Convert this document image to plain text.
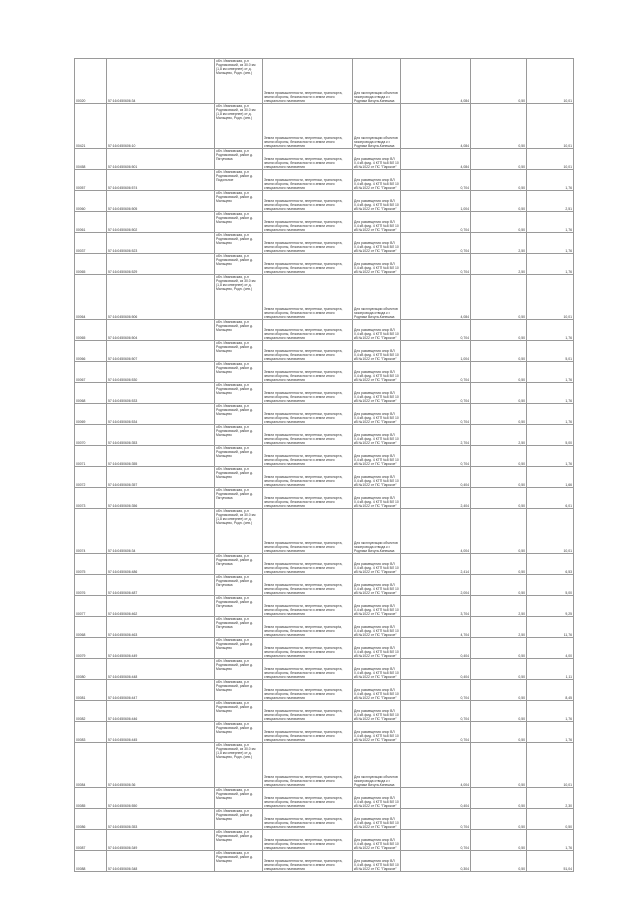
00020	57:16:0450606:34	обл. Ивановская, р-н Родниковский, из 30.0 км (1,8 км севернее) от д. Мальцево, Родн. (сев.)	Земли промышленности, энергетики, транспорта, земли обороны, безопасности и земли иного специального назначения	Для эксплуатации объектов газопровода отвода к г. Родники Вичуга-Кинешма	4,084	0,50	10,01
00421	57:16:0450606:10	обл. Ивановская, р-н Родниковский, из 30.0 км (1,8 км севернее) от д. Мальцево, Родн. (сев.)	Земли промышленности, энергетики, транспорта, земли обороны, безопасности и земли иного специального назначения	Для эксплуатации объектов газопровода отвода к г. Родники Вичуга-Кинешма	4,084	0,50	10,01
00458	57:16:0450606:501	обл. Ивановская, р-н Родниковский, район д. Пятуновка	Земли промышленности, энергетики, транспорта, земли обороны, безопасности и земли иного специального назначения	Для размещения опор ВЛ 0,4 кВ фид. 4 КТП №8 ВЛ 10 кВ №1022 от ПС "Парское"	4,084	0,50	10,01
00057	57:16:0450606:574	обл. Ивановская, р-н Родниковский, район д. Подольное	Земли промышленности, энергетики, транспорта, земли обороны, безопасности и земли иного специального назначения	Для размещения опор ВЛ 0,4 кВ фид. 4 КТП №8 ВЛ 10 кВ №1022 от ПС "Парское"	0,704	0,50	1,76
00060	57:16:0450606:505	обл. Ивановская, р-н Родниковский, район д. Мальцево	Земли промышленности, энергетики, транспорта, земли обороны, безопасности и земли иного специального назначения	Для размещения опор ВЛ 0,4 кВ фид. 4 КТП №8 ВЛ 10 кВ №1022 от ПС "Парское"	1,004	0,50	2,51
00061	57:16:0450606:502	обл. Ивановская, р-н Родниковский, район д. Мальцево	Земли промышленности, энергетики, транспорта, земли обороны, безопасности и земли иного специального назначения	Для размещения опор ВЛ 0,4 кВ фид. 4 КТП №8 ВЛ 10 кВ №1022 от ПС "Парское"	0,704	0,50	1,76
00037	57:16:0450606:523	обл. Ивановская, р-н Родниковский, район д. Мальцево	Земли промышленности, энергетики, транспорта, земли обороны, безопасности и земли иного специального назначения	Для размещения опор ВЛ 0,4 кВ фид. 4 КТП №8 ВЛ 10 кВ №1022 от ПС "Парское"	0,704	2,50	1,76
00065	57:16:0450606:529	обл. Ивановская, р-н Родниковский, район д. Мальцево	Земли промышленности, энергетики, транспорта, земли обороны, безопасности и земли иного специального назначения	Для размещения опор ВЛ 0,4 кВ фид. 4 КТП №8 ВЛ 10 кВ №1022 от ПС "Парское"	0,704	2,50	1,76
00064	57:16:0450606:506	обл. Ивановская, р-н Родниковский, из 30.0 км (1,8 км севернее) от д. Мальцево, Родн. (сев.)	Земли промышленности, энергетики, транспорта, земли обороны, безопасности и земли иного специального назначения	Для эксплуатации объектов газопровода отвода к г. Родники Вичуга-Кинешма	4,084	0,50	10,01
00065	57:16:0450606:504	обл. Ивановская, р-н Родниковский, район д. Мальцево	Земли промышленности, энергетики, транспорта, земли обороны, безопасности и земли иного специального назначения	Для размещения опор ВЛ 0,4 кВ фид. 4 КТП №8 ВЛ 10 кВ №1022 от ПС "Парское"	0,704	0,50	1,76
00066	57:16:0450606:507	обл. Ивановская, р-н Родниковский, район д. Мальцево	Земли промышленности, энергетики, транспорта, земли обороны, безопасности и земли иного специального назначения	Для размещения опор ВЛ 0,4 кВ фид. 4 КТП №8 ВЛ 10 кВ №1022 от ПС "Парское"	1,004	0,50	5,01
00067	57:16:0450606:530	обл. Ивановская, р-н Родниковский, район д. Мальцево	Земли промышленности, энергетики, транспорта, земли обороны, безопасности и земли иного специального назначения	Для размещения опор ВЛ 0,4 кВ фид. 4 КТП №8 ВЛ 10 кВ №1022 от ПС "Парское"	0,704	0,50	1,76
00068	57:16:0450606:533	обл. Ивановская, р-н Родниковский, район д. Мальцево	Земли промышленности, энергетики, транспорта, земли обороны, безопасности и земли иного специального назначения	Для размещения опор ВЛ 0,4 кВ фид. 4 КТП №8 ВЛ 10 кВ №1022 от ПС "Парское"	0,704	0,50	1,76
00069	57:16:0450606:534	обл. Ивановская, р-н Родниковский, район д. Мальцево	Земли промышленности, энергетики, транспорта, земли обороны, безопасности и земли иного специального назначения	Для размещения опор ВЛ 0,4 кВ фид. 4 КТП №8 ВЛ 10 кВ №1022 от ПС "Парское"	0,704	0,50	1,76
00070	57:16:0450606:353	обл. Ивановская, р-н Родниковский, район д. Мальцево	Земли промышленности, энергетики, транспорта, земли обороны, безопасности и земли иного специального назначения	Для размещения опор ВЛ 0,4 кВ фид. 4 КТП №8 ВЛ 10 кВ №1022 от ПС "Парское"	2,704	2,50	5,00
00071	57:16:0450606:355	обл. Ивановская, р-н Родниковский, район д. Мальцево	Земли промышленности, энергетики, транспорта, земли обороны, безопасности и земли иного специального назначения	Для размещения опор ВЛ 0,4 кВ фид. 4 КТП №8 ВЛ 10 кВ №1022 от ПС "Парское"	0,704	0,50	1,76
00072	57:16:0450606:357	обл. Ивановская, р-н Родниковский, район д. Мальцево	Земли промышленности, энергетики, транспорта, земли обороны, безопасности и земли иного специального назначения	Для размещения опор ВЛ 0,4 кВ фид. 4 КТП №8 ВЛ 10 кВ №1022 от ПС "Парское"	0,404	0,50	1,66
00073	57:16:0450606:356	обл. Ивановская, р-н Родниковский, район д. Пятуновка	Земли промышленности, энергетики, транспорта, земли обороны, безопасности и земли иного специального назначения	Для размещения опор ВЛ 0,4 кВ фид. 4 КТП №8 ВЛ 10 кВ №1022 от ПС "Парское"	2,404	0,50	6,01
00074	57:16:0450606:34	обл. Ивановская, р-н Родниковский, из 30.0 км (1,8 км севернее) от д. Мальцево, Родн. (сев.)	Земли промышленности, энергетики, транспорта, земли обороны, безопасности и земли иного специального назначения	Для эксплуатации объектов газопровода отвода к г. Родники Вичуга-Кинешма	4,004	0,50	10,01
00075	57:16:0450606:486	обл. Ивановская, р-н Родниковский, район д. Пятуновка	Земли промышленности, энергетики, транспорта, земли обороны, безопасности и земли иного специального назначения	Для размещения опор ВЛ 0,4 кВ фид. 4 КТП №8 ВЛ 10 кВ №1022 от ПС "Парское"	2,414	0,50	6,53
00076	57:16:0450606:487	обл. Ивановская, р-н Родниковский, район д. Пятуновка	Земли промышленности, энергетики, транспорта, земли обороны, безопасности и земли иного специального назначения	Для размещения опор ВЛ 0,4 кВ фид. 4 КТП №8 ВЛ 10 кВ №1022 от ПС "Парское"	2,004	0,50	5,00
00077	57:16:0450606:462	обл. Ивановская, р-н Родниковский, район д. Пятуновка	Земли промышленности, энергетики, транспорта, земли обороны, безопасности и земли иного специального назначения	Для размещения опор ВЛ 0,4 кВ фид. 4 КТП №8 ВЛ 10 кВ №1022 от ПС "Парское"	3,704	2,50	9,25
00068	57:16:0450606:463	обл. Ивановская, р-н Родниковский, район д. Пятуновка	Земли промышленности, энергетики, транспорta, земли обороны, безопасности и земли иного специального назначения	Для размещения опор ВЛ 0,4 кВ фид. 4 КТП №8 ВЛ 10 кВ №1022 от ПС "Парское"	4,704	2,50	11,76
00079	57:16:0450606:449	обл. Ивановская, р-н Родниковский, район д. Мальцево	Земли промышленности, энергетики, транспорта, земли обороны, безопасности и земли иного специального назначения	Для размещения опор ВЛ 0,4 кВ фид. 4 КТП №8 ВЛ 10 кВ №1022 от ПС "Парское"	0,404	0,50	4,00
00080	57:16:0450606:448	обл. Ивановская, р-н Родниковский, район д. Мальцево	Земли промышленности, энергетики, транспорта, земли обороны, безопасности и земли иного специального назначения	Для размещения опор ВЛ 0,4 кВ фид. 4 КТП №8 ВЛ 10 кВ №1022 от ПС "Парское"	0,404	0,50	1,11
00081	57:16:0450606:447	обл. Ивановская, р-н Родниковский, район д. Мальцево	Земли промышленности, энергетики, транспорта, земли обороны, безопасности и земли иного специального назначения	Для размещения опор ВЛ 0,4 кВ фид. 4 КТП №8 ВЛ 10 кВ №1022 от ПС "Парское"	0,704	0,50	8,45
00082	57:16:0450606:446	обл. Ивановская, р-н Родниковский, район д. Мальцево	Земли промышленности, энергетики, транспорта, земли обороны, безопасности и земли иного специального назначения	Для размещения опор ВЛ 0,4 кВ фид. 4 КТП №8 ВЛ 10 кВ №1022 от ПС "Парское"	0,704	0,50	1,76
00083	57:16:0450606:445	обл. Ивановская, р-н Родниковский, район д. Мальцево	Земли промышленности, энергетики, транспорта, земли обороны, безопасности и земли иного специального назначения	Для размещения опор ВЛ 0,4 кВ фид. 4 КТП №8 ВЛ 10 кВ №1022 от ПС "Парское"	0,704	0,50	1,76
00084	57:16:0450606:36	обл. Ивановская, р-н Родниковский, из 30.0 км (1,8 км севернее) от д. Мальцево, Родн. (сев.)	Земли промышленности, энергетики, транспорта, земли обороны, безопасности и земли иного специального назначения	Для эксплуатации объектов газопровода отвода к г. Родники Вичуга-Кинешма	4,004	0,50	10,01
00085	57:16:0450606:550	обл. Ивановская, р-н Родниковский, район д. Мальцево	Земли промышленности, энергетики, транспорта, земли обороны, безопасности и земли иного специального назначения	Для размещения опор ВЛ 0,4 кВ фид. 4 КТП №8 ВЛ 10 кВ №1022 от ПС "Парское"	0,404	0,50	2,30
00086	57:16:0450606:353	обл. Ивановская, р-н Родниковский, район д. Мальцево	Земли промышленности, энергетики, транспорта, земли обороны, безопасности и земли иного специального назначения	Для размещения опор ВЛ 0,4 кВ фид. 4 КТП №8 ВЛ 10 кВ №1022 от ПС "Парское"	0,704	0,50	0,50
00087	57:16:0450606:349	обл. Ивановская, р-н Родниковский, район д. Мальцево	Земли промышленности, энергетики, транспорта, земли обороны, безопасности и земли иного специального назначения	Для размещения опор ВЛ 0,4 кВ фид. 4 КТП №8 ВЛ 10 кВ №1022 от ПС "Парское"	0,704	0,50	1,76
00088	57:16:0450606:348	обл. Ивановская, р-н Родниковский, район д. Мальцево	Земли промышленности, энергетики, транспорта, земли обороны, безопасности и земли иного специального назначения	Для размещения опор ВЛ 0,4 кВ фид. 4 КТП №8 ВЛ 10 кВ №1022 от ПС "Парское"	0,304	0,50	51,04
